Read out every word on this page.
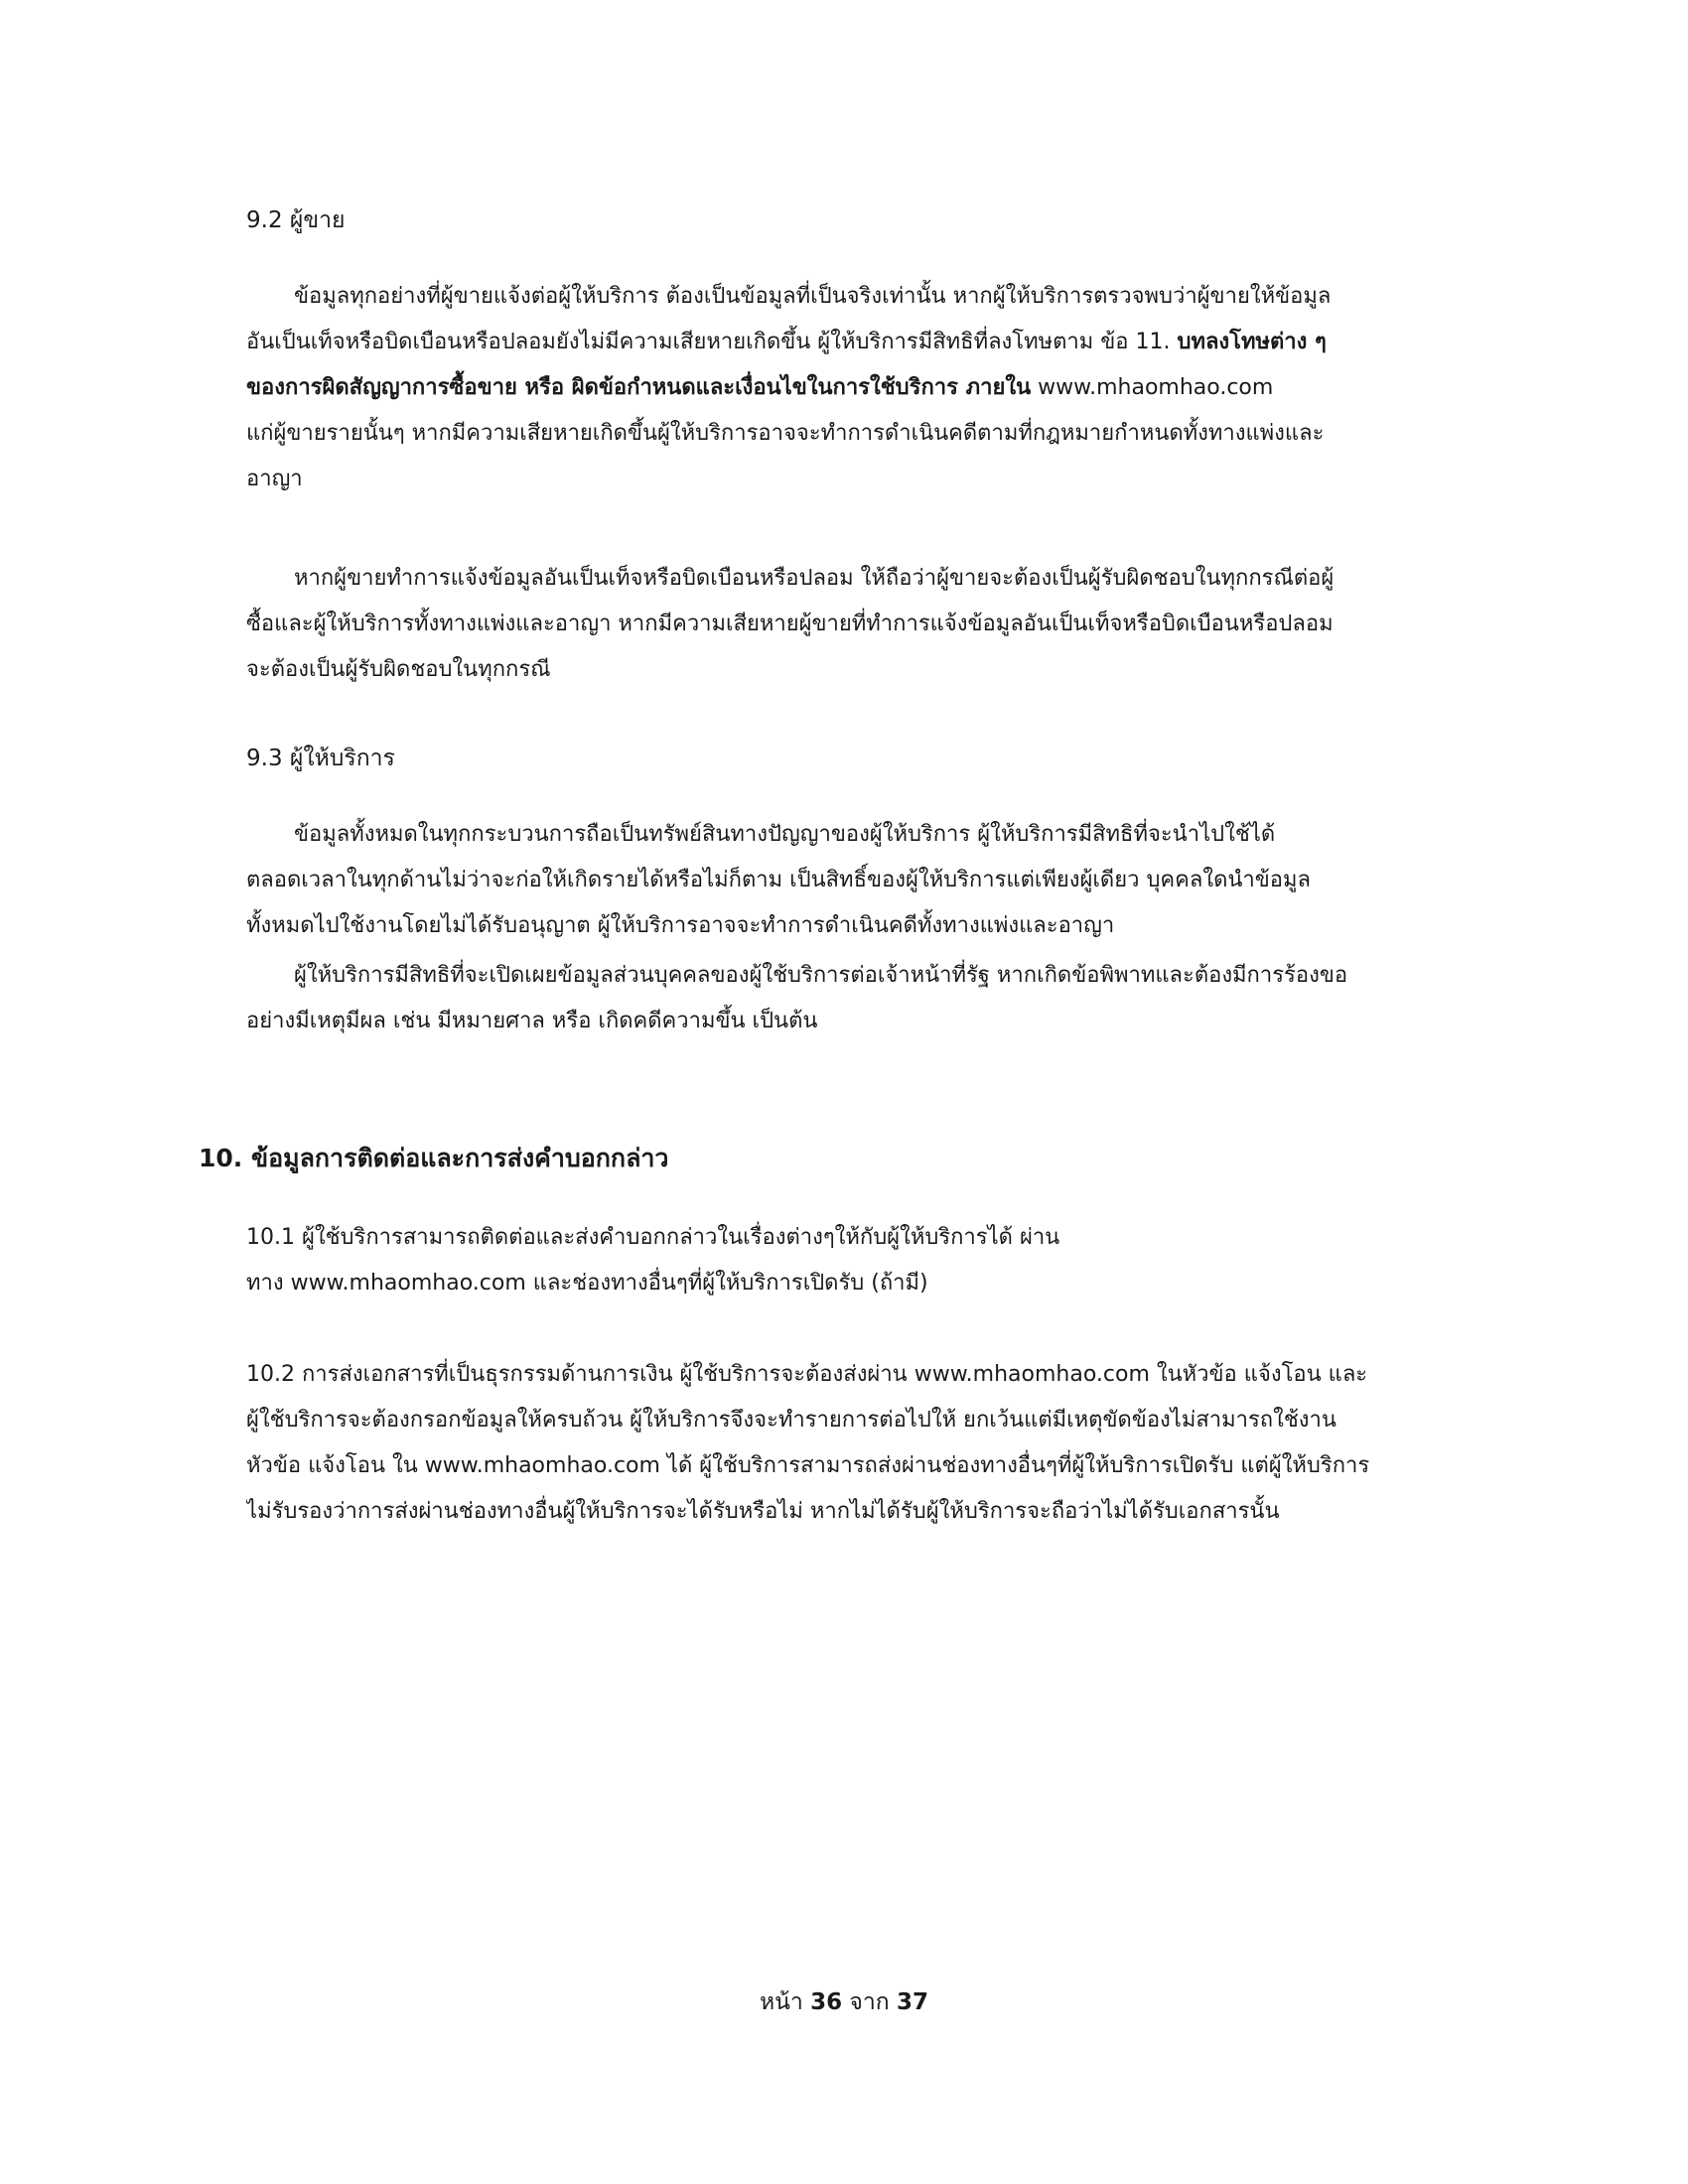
9.2 ผู้ขาย

ข้อมูลทุกอย่างที่ผู้ขายแจ้งต่อผู้ให้บริการ ต้องเป็นข้อมูลที่เป็นจริงเท่านั้น หากผู้ให้บริการตรวจพบว่าผู้ขายให้ข้อมูล
อันเป็นเท็จหรือบิดเบือนหรือปลอมยังไม่มีความเสียหายเกิดขึ้น ผู้ให้บริการมีสิทธิที่ลงโทษตาม ข้อ 11. บทลงโทษต่าง ๆ
ของการผิดสัญญาการซื้อขาย หรือ ผิดข้อกำหนดและเงื่อนไขในการใช้บริการ ภายใน www.mhaomhao.com
แก่ผู้ขายรายนั้นๆ หากมีความเสียหายเกิดขึ้นผู้ให้บริการอาจจะทำการดำเนินคดีตามที่กฎหมายกำหนดทั้งทางแพ่งและ
อาญา

หากผู้ขายทำการแจ้งข้อมูลอันเป็นเท็จหรือบิดเบือนหรือปลอม ให้ถือว่าผู้ขายจะต้องเป็นผู้รับผิดชอบในทุกกรณีต่อผู้
ซื้อและผู้ให้บริการทั้งทางแพ่งและอาญา หากมีความเสียหายผู้ขายที่ทำการแจ้งข้อมูลอันเป็นเท็จหรือบิดเบือนหรือปลอม
จะต้องเป็นผู้รับผิดชอบในทุกกรณี

9.3 ผู้ให้บริการ

ข้อมูลทั้งหมดในทุกกระบวนการถือเป็นทรัพย์สินทางปัญญาของผู้ให้บริการ ผู้ให้บริการมีสิทธิที่จะนำไปใช้ได้
ตลอดเวลาในทุกด้านไม่ว่าจะก่อให้เกิดรายได้หรือไม่ก็ตาม เป็นสิทธิ์ของผู้ให้บริการแต่เพียงผู้เดียว บุคคลใดนำข้อมูล
ทั้งหมดไปใช้งานโดยไม่ได้รับอนุญาต ผู้ให้บริการอาจจะทำการดำเนินคดีทั้งทางแพ่งและอาญา

ผู้ให้บริการมีสิทธิที่จะเปิดเผยข้อมูลส่วนบุคคลของผู้ใช้บริการต่อเจ้าหน้าที่รัฐ หากเกิดข้อพิพาทและต้องมีการร้องขอ
อย่างมีเหตุมีผล เช่น มีหมายศาล หรือ เกิดคดีความขึ้น เป็นต้น

10. ข้อมูลการติดต่อและการส่งคำบอกกล่าว

10.1 ผู้ใช้บริการสามารถติดต่อและส่งคำบอกกล่าวในเรื่องต่างๆให้กับผู้ให้บริการได้ ผ่าน
ทาง www.mhaomhao.com และช่องทางอื่นๆที่ผู้ให้บริการเปิดรับ (ถ้ามี)

10.2 การส่งเอกสารที่เป็นธุรกรรมด้านการเงิน ผู้ใช้บริการจะต้องส่งผ่าน www.mhaomhao.com ในหัวข้อ แจ้งโอน และ
ผู้ใช้บริการจะต้องกรอกข้อมูลให้ครบถ้วน ผู้ให้บริการจึงจะทำรายการต่อไปให้ ยกเว้นแต่มีเหตุขัดข้องไม่สามารถใช้งาน
หัวข้อ แจ้งโอน ใน www.mhaomhao.com ได้ ผู้ใช้บริการสามารถส่งผ่านช่องทางอื่นๆที่ผู้ให้บริการเปิดรับ แต่ผู้ให้บริการ
ไม่รับรองว่าการส่งผ่านช่องทางอื่นผู้ให้บริการจะได้รับหรือไม่ หากไม่ได้รับผู้ให้บริการจะถือว่าไม่ได้รับเอกสารนั้น

หน้า 36 จาก 37
